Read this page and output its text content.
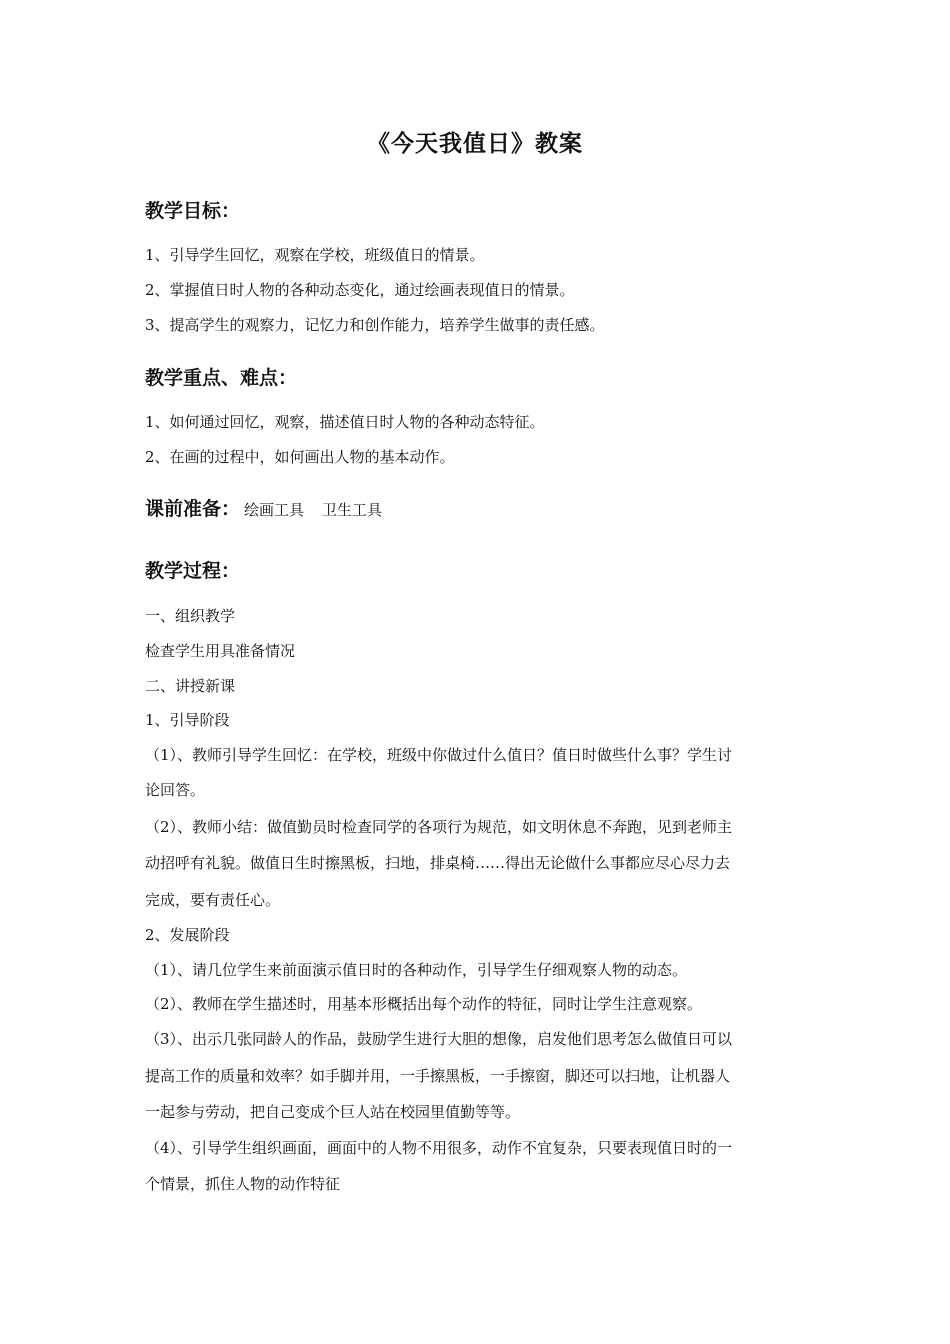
《今天我值日》教案
教学目标：
1、引导学生回忆，观察在学校，班级值日的情景。
2、掌握值日时人物的各种动态变化，通过绘画表现值日的情景。
3、提高学生的观察力，记忆力和创作能力，培养学生做事的责任感。
教学重点、难点：
1、如何通过回忆，观察，描述值日时人物的各种动态特征。
2、在画的过程中，如何画出人物的基本动作。
课前准备： 绘画工具 卫生工具
教学过程：
一、组织教学
检查学生用具准备情况
二、讲授新课
1、引导阶段
（1）、教师引导学生回忆：在学校，班级中你做过什么值日？值日时做些什么事？学生讨
论回答。
（2）、教师小结：做值勤员时检查同学的各项行为规范，如文明休息不奔跑，见到老师主
动招呼有礼貌。做值日生时擦黑板，扫地，排桌椅……得出无论做什么事都应尽心尽力去
完成，要有责任心。
2、发展阶段
（1）、请几位学生来前面演示值日时的各种动作，引导学生仔细观察人物的动态。
（2）、教师在学生描述时，用基本形概括出每个动作的特征，同时让学生注意观察。
（3）、出示几张同龄人的作品，鼓励学生进行大胆的想像，启发他们思考怎么做值日可以
提高工作的质量和效率？如手脚并用，一手擦黑板，一手擦窗，脚还可以扫地，让机器人
一起参与劳动，把自己变成个巨人站在校园里值勤等等。
（4）、引导学生组织画面，画面中的人物不用很多，动作不宜复杂，只要表现值日时的一
个情景，抓住人物的动作特征
